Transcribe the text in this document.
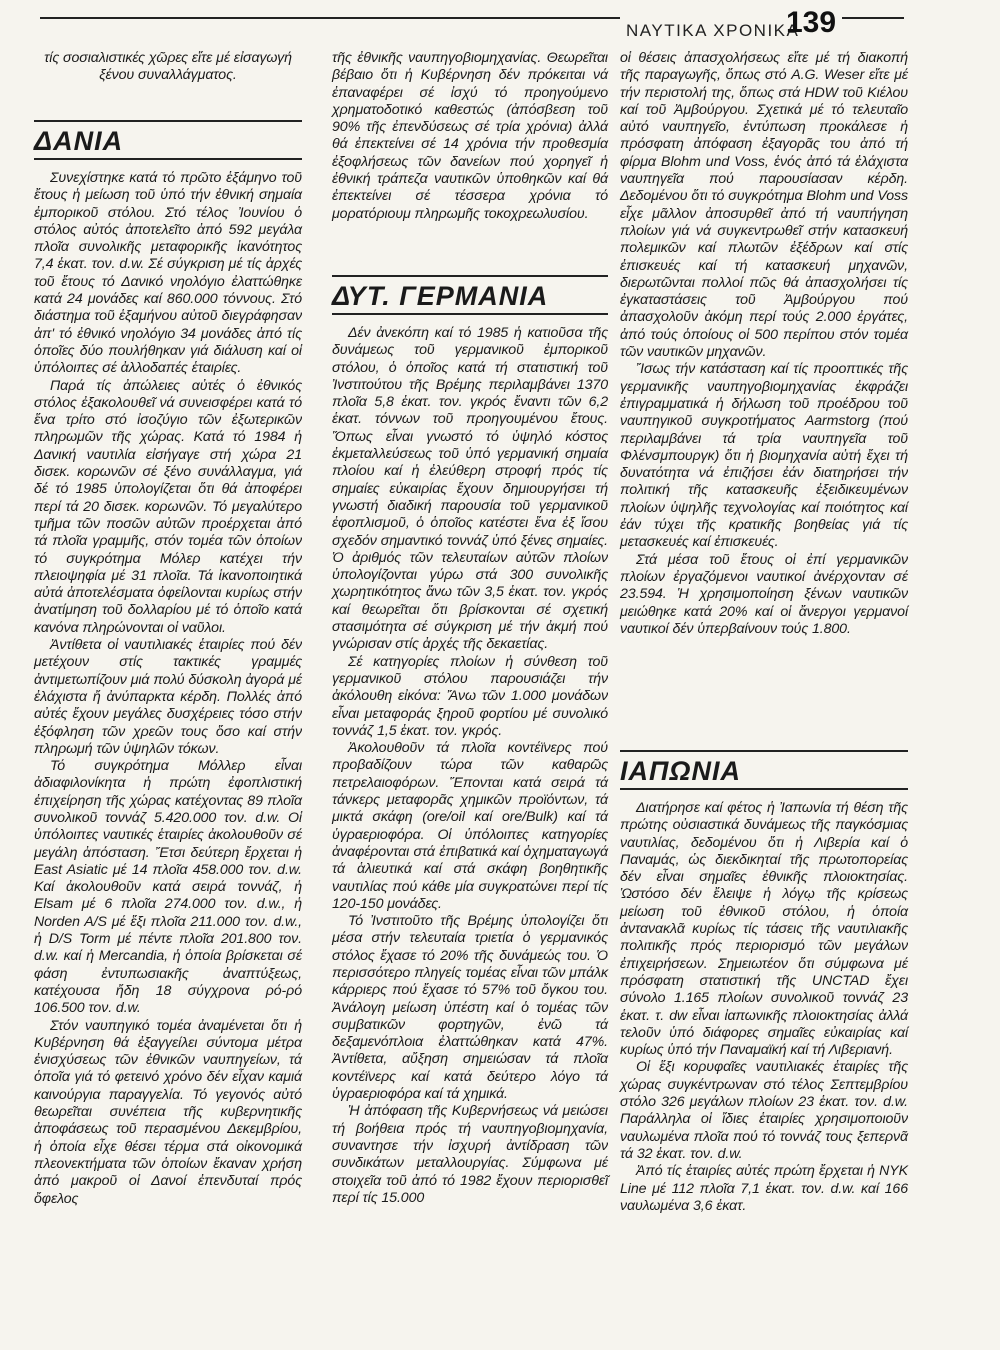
ΝΑΥΤΙΚΑ ΧΡΟΝΙΚΑ
139

τίς σοσιαλιστικές χῶρες εἴτε μέ εἰσαγωγή ξένου συναλλάγματος.

ΔΑΝΙΑ

Συνεχίστηκε κατά τό πρῶτο ἑξάμηνο τοῦ ἔτους ἡ μείωση τοῦ ὑπό τήν ἐθνική σημαία ἐμπορικοῦ στόλου. Στό τέλος Ἰουνίου ὁ στόλος αὐτός ἀποτελεῖτο ἀπό 592 μεγάλα πλοῖα συνολικῆς μεταφορικῆς ἱκανότητος 7,4 ἑκατ. τον. d.w. Σέ σύγκριση μέ τίς ἀρχές τοῦ ἔτους τό Δανικό νηολόγιο ἐλαττώθηκε κατά 24 μονάδες καί 860.000 τόννους. Στό διάστημα τοῦ ἑξαμήνου αὐτοῦ διεγράφησαν ἀπ' τό ἐθνικό νηολόγιο 34 μονάδες ἀπό τίς ὁποῖες δύο πουλήθηκαν γιά διάλυση καί οἱ ὑπόλοιπες σέ ἀλλοδαπές ἑταιρίες.

Παρά τίς ἀπώλειες αὐτές ὁ ἐθνικός στόλος ἐξακολουθεῖ νά συνεισφέρει κατά τό ἕνα τρίτο στό ἰσοζύγιο τῶν ἐξωτερικῶν πληρωμῶν τῆς χώρας. Κατά τό 1984 ἡ Δανική ναυτιλία εἰσήγαγε στή χώρα 21 δισεκ. κορωνῶν σέ ξένο συνάλλαγμα, γιά δέ τό 1985 ὑπολογίζεται ὅτι θά ἀποφέρει περί τά 20 δισεκ. κορωνῶν. Τό μεγαλύτερο τμῆμα τῶν ποσῶν αὐτῶν προέρχεται ἀπό τά πλοῖα γραμμῆς, στόν τομέα τῶν ὁποίων τό συγκρότημα Μόλερ κατέχει τήν πλειοψηφία μέ 31 πλοῖα. Τά ἱκανοποιητικά αὐτά ἀποτελέσματα ὀφείλονται κυρίως στήν ἀνατίμηση τοῦ δολλαρίου μέ τό ὁποῖο κατά κανόνα πληρώνονται οἱ ναῦλοι.

Ἀντίθετα οἱ ναυτιλιακές ἑταιρίες πού δέν μετέχουν στίς τακτικές γραμμές ἀντιμετωπίζουν μιά πολύ δύσκολη ἀγορά μέ ἐλάχιστα ἤ ἀνύπαρκτα κέρδη. Πολλές ἀπό αὐτές ἔχουν μεγάλες δυσχέρειες τόσο στήν ἐξόφληση τῶν χρεῶν τους ὅσο καί στήν πληρωμή τῶν ὑψηλῶν τόκων.

Τό συγκρότημα Μόλλερ εἶναι ἀδιαφιλονίκητα ἡ πρώτη ἐφοπλιστική ἐπιχείρηση τῆς χώρας κατέχοντας 89 πλοῖα συνολικοῦ τοννάζ 5.420.000 τον. d.w. Οἱ ὑπόλοιπες ναυτικές ἑταιρίες ἀκολουθοῦν σέ μεγάλη ἀπόσταση. Ἔτσι δεύτερη ἔρχεται ἡ East Asiatic μέ 14 πλοῖα 458.000 τον. d.w. Καί ἀκολουθοῦν κατά σειρά τοννάζ, ἡ Elsam μέ 6 πλοῖα 274.000 τον. d.w., ἡ Norden A/S μέ ἕξι πλοῖα 211.000 τον. d.w., ἡ D/S Torm μέ πέντε πλοῖα 201.800 τον. d.w. καί ἡ Mercandia, ἡ ὁποία βρίσκεται σέ φάση ἐντυπωσιακῆς ἀναπτύξεως, κατέχουσα ἤδη 18 σύγχρονα ρό-ρό 106.500 τον. d.w.

Στόν ναυπηγικό τομέα ἀναμένεται ὅτι ἡ Κυβέρνηση θά ἐξαγγείλει σύντομα μέτρα ἐνισχύσεως τῶν ἐθνικῶν ναυπηγείων, τά ὁποῖα γιά τό φετεινό χρόνο δέν εἶχαν καμιά καινούργια παραγγελία. Τό γεγονός αὐτό θεωρεῖται συνέπεια τῆς κυβερνητικῆς ἀποφάσεως τοῦ περασμένου Δεκεμβρίου, ἡ ὁποία εἶχε θέσει τέρμα στά οἰκονομικά πλεονεκτήματα τῶν ὁποίων ἔκαναν χρήση ἀπό μακροῦ οἱ Δανοί ἐπενδυταί πρός ὄφελος

τῆς ἐθνικῆς ναυπηγοβιομηχανίας. Θεωρεῖται βέβαιο ὅτι ἡ Κυβέρνηση δέν πρόκειται νά ἐπαναφέρει σέ ἰσχύ τό προηγούμενο χρηματοδοτικό καθεστώς (ἀπόσβεση τοῦ 90% τῆς ἐπενδύσεως σέ τρία χρόνια) ἀλλά θά ἐπεκτείνει σέ 14 χρόνια τήν προθεσμία ἐξοφλήσεως τῶν δανείων πού χορηγεῖ ἡ ἐθνική τράπεζα ναυτικῶν ὑποθηκῶν καί θά ἐπεκτείνει σέ τέσσερα χρόνια τό μορατόριουμ πληρωμῆς τοκοχρεωλυσίου.

ΔΥΤ. ΓΕΡΜΑΝΙΑ

Δέν ἀνεκόπη καί τό 1985 ἡ κατιοῦσα τῆς δυνάμεως τοῦ γερμανικοῦ ἐμπορικοῦ στόλου, ὁ ὁποῖος κατά τή στατιστική τοῦ Ἰνστιτούτου τῆς Βρέμης περιλαμβάνει 1370 πλοῖα 5,8 ἑκατ. τον. γκρός ἔναντι τῶν 6,2 ἑκατ. τόννων τοῦ προηγουμένου ἔτους. Ὅπως εἶναι γνωστό τό ὑψηλό κόστος ἐκμεταλλεύσεως τοῦ ὑπό γερμανική σημαία πλοίου καί ἡ ἐλεύθερη στροφή πρός τίς σημαίες εὐκαιρίας ἔχουν δημιουργήσει τή γνωστή διαδική παρουσία τοῦ γερμανικοῦ ἐφοπλισμοῦ, ὁ ὁποῖος κατέστει ἕνα ἐξ ἴσου σχεδόν σημαντικό τοννάζ ὑπό ξένες σημαίες. Ὁ ἀριθμός τῶν τελευταίων αὐτῶν πλοίων ὑπολογίζονται γύρω στά 300 συνολικῆς χωρητικότητος ἄνω τῶν 3,5 ἑκατ. τον. γκρός καί θεωρεῖται ὅτι βρίσκονται σέ σχετική στασιμότητα σέ σύγκριση μέ τήν ἀκμή πού γνώρισαν στίς ἀρχές τῆς δεκαετίας.

Σέ κατηγορίες πλοίων ἡ σύνθεση τοῦ γερμανικοῦ στόλου παρουσιάζει τήν ἀκόλουθη εἰκόνα: Ἄνω τῶν 1.000 μονάδων εἶναι μεταφοράς ξηροῦ φορτίου μέ συνολικό τοννάζ 1,5 ἑκατ. τον. γκρός.

Ἀκολουθοῦν τά πλοῖα κοντέϊνερς πού προβαδίζουν τώρα τῶν καθαρῶς πετρελαιοφόρων. Ἕπονται κατά σειρά τά τάνκερς μεταφορᾶς χημικῶν προϊόντων, τά μικτά σκάφη (ore/oil καί ore/Bulk) καί τά ὑγραεριοφόρα. Οἱ ὑπόλοιπες κατηγορίες ἀναφέρονται στά ἐπιβατικά καί ὀχηματαγωγά τά ἁλιευτικά καί στά σκάφη βοηθητικῆς ναυτιλίας πού κάθε μία συγκρατώνει περί τίς 120-150 μονάδες.

Τό Ἰνστιτοῦτο τῆς Βρέμης ὑπολογίζει ὅτι μέσα στήν τελευταία τριετία ὁ γερμανικός στόλος ἔχασε τό 20% τῆς δυνάμεώς του. Ὁ περισσότερο πληγείς τομέας εἶναι τῶν μπάλκ κάρριερς πού ἔχασε τό 57% τοῦ ὄγκου του. Ἀνάλογη μείωση ὑπέστη καί ὁ τομέας τῶν συμβατικῶν φορτηγῶν, ἐνῶ τά δεξαμενόπλοια ἐλαττώθηκαν κατά 47%. Ἀντίθετα, αὔξηση σημειώσαν τά πλοῖα κοντέϊνερς καί κατά δεύτερο λόγο τά ὑγραεριοφόρα καί τά χημικά.

Ἡ ἀπόφαση τῆς Κυβερνήσεως νά μειώσει τή βοήθεια πρός τή ναυπηγοβιομηχανία, συναντησε τήν ἰσχυρή ἀντίδραση τῶν συνδικάτων μεταλλουργίας. Σύμφωνα μέ στοιχεῖα τοῦ ἀπό τό 1982 ἔχουν περιορισθεῖ περί τίς 15.000

οἱ θέσεις ἀπασχολήσεως εἴτε μέ τή διακοπή τῆς παραγωγῆς, ὅπως στό A.G. Weser εἴτε μέ τήν περιστολή της, ὅπως στά HDW τοῦ Κιέλου καί τοῦ Ἀμβούργου. Σχετικά μέ τό τελευταῖο αὐτό ναυπηγεῖο, ἐντύπωση προκάλεσε ἡ πρόσφατη ἀπόφαση ἐξαγορᾶς του ἀπό τή φίρμα Blohm und Voss, ἑνός ἀπό τά ἐλάχιστα ναυπηγεῖα πού παρουσίασαν κέρδη. Δεδομένου ὅτι τό συγκρότημα Blohm und Voss εἶχε μᾶλλον ἀποσυρθεῖ ἀπό τή ναυπήγηση πλοίων γιά νά συγκεντρωθεῖ στήν κατασκευή πολεμικῶν καί πλωτῶν ἐξέδρων καί στίς ἐπισκευές καί τή κατασκευή μηχανῶν, διερωτῶνται πολλοί πῶς θά ἀπασχολήσει τίς ἐγκαταστάσεις τοῦ Ἀμβούργου πού ἀπασχολοῦν ἀκόμη περί τούς 2.000 ἐργάτες, ἀπό τούς ὁποίους οἱ 500 περίπου στόν τομέα τῶν ναυτικῶν μηχανῶν.

Ἴσως τήν κατάσταση καί τίς προοπτικές τῆς γερμανικῆς ναυπηγοβιομηχανίας ἐκφράζει ἐπιγραμματικά ἡ δήλωση τοῦ προέδρου τοῦ ναυπηγικοῦ συγκροτήματος Aarmstorg (πού περιλαμβάνει τά τρία ναυπηγεῖα τοῦ Φλένσμπουργκ) ὅτι ἡ βιομηχανία αὐτή ἔχει τή δυνατότητα νά ἐπιζήσει ἐάν διατηρήσει τήν πολιτική τῆς κατασκευῆς ἐξειδικευμένων πλοίων ὑψηλῆς τεχνολογίας καί ποιότητος καί ἐάν τύχει τῆς κρατικῆς βοηθείας γιά τίς μετασκευές καί ἐπισκευές.

Στά μέσα τοῦ ἔτους οἱ ἐπί γερμανικῶν πλοίων ἐργαζόμενοι ναυτικοί ἀνέρχονταν σέ 23.594. Ἡ χρησιμοποίηση ξένων ναυτικῶν μειώθηκε κατά 20% καί οἱ ἄνεργοι γερμανοί ναυτικοί δέν ὑπερβαίνουν τούς 1.800.

ΙΑΠΩΝΙΑ

Διατήρησε καί φέτος ἡ Ἰαπωνία τή θέση τῆς πρώτης οὐσιαστικά δυνάμεως τῆς παγκόσμιας ναυτιλίας, δεδομένου ὅτι ἡ Λιβερία καί ὁ Παναμάς, ὡς διεκδικηταί τῆς πρωτοπορείας δέν εἶναι σημαῖες ἐθνικῆς πλοιοκτησίας. Ὡστόσο δέν ἔλειψε ἡ λόγῳ τῆς κρίσεως μείωση τοῦ ἐθνικοῦ στόλου, ἡ ὁποία ἀντανακλᾶ κυρίως τίς τάσεις τῆς ναυτιλιακῆς πολιτικῆς πρός περιορισμό τῶν μεγάλων ἐπιχειρήσεων. Σημειωτέον ὅτι σύμφωνα μέ πρόσφατη στατιστική τῆς UNCTAD ἔχει σύνολο 1.165 πλοίων συνολικοῦ τοννάζ 23 ἑκατ. τ. dw εἶναι ἰαπωνικῆς πλοιοκτησίας ἀλλά τελοῦν ὑπό διάφορες σημαῖες εὐκαιρίας καί κυρίως ὑπό τήν Παναμαϊκή καί τή Λιβεριανή.

Οἱ ἕξι κορυφαῖες ναυτιλιακές ἑταιρίες τῆς χώρας συγκέντρωναν στό τέλος Σεπτεμβρίου στόλο 326 μεγάλων πλοίων 23 ἑκατ. τον. d.w. Παράλληλα οἱ ἴδιες ἑταιρίες χρησιμοποιοῦν ναυλωμένα πλοῖα πού τό τοννάζ τους ξεπερνᾶ τά 32 ἑκατ. τον. d.w.

Ἀπό τίς ἑταιρίες αὐτές πρώτη ἔρχεται ἡ NYK Line μέ 112 πλοῖα 7,1 ἑκατ. τον. d.w. καί 166 ναυλωμένα 3,6 ἑκατ.
